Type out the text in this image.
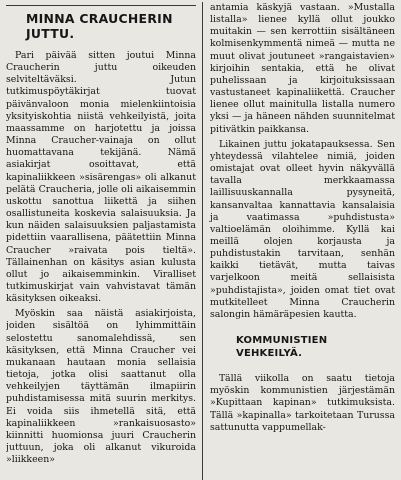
MINNA CRAUCHERIN JUTTU.

Pari päivää sitten joutui Minna Craucherin juttu oikeuden selviteltäväksi. Jutun tutkimuspöytäkirjat tuovat päivänvaloon monia mielenkiintoisia yksityiskohtia niistä vehkeilyistä, joita maassamme on harjotettu ja joissa Minna Craucher-vainaja on ollut huomattavana tekijänä. Nämä asiakirjat osoittavat, että kapinaliikkeen »sisärengas» oli alkanut pelätä Craucheria, jolle oli aikaisemmin uskottu sanottua liikettä ja siihen osallistuneita koskevia salaisuuksia. Ja kun näiden salaisuuksien paljastamista pidettiin vaarallisena, päätettiin Minna Craucher »raivata pois tieltä». Tällainenhan on käsitys asian kulusta ollut jo aikaisemminkin. Viralliset tutkimuskirjat vain vahvistavat tämän käsityksen oikeaksi.

Myöskin saa näistä asiakirjoista, joiden sisältöä on lyhimmittäin selostettu sanomalehdissä, sen käsityksen, että Minna Craucher vei mukanaan hautaan monia sellaisia tietoja, jotka olisi saattanut olla vehkeilyjen täyttämän ilmapiirin puhdistamisessa mitä suurin merkitys. Ei voida siis ihmetellä sitä, että kapinaliikkeen »rankaisuosasto» kiinnitti huomionsa juuri Craucherin juttuun, joka oli alkanut vikuroida »liikkeen»

antamia käskyjä vastaan. »Mustalla listalla» lienee kyllä ollut joukko muitakin — sen kerrottiin sisältäneen kolmisenkymmentä nimeä — mutta ne muut olivat joutuneet »rangaistavien» kirjoihin sentakia, että he olivat puhelissaan ja kirjoituksissaan vastustaneet kapinaliikettä. Craucher lienee ollut mainitulla listalla numero yksi — ja häneen nähden suunnitelmat pitivätkin paikkansa.

Likainen juttu jokatapauksessa. Sen yhteydessä vilahtelee nimiä, joiden omistajat ovat olleet hyvin näkyvällä tavalla merkkaamassa laillisuuskannalla pysyneitä, kansanvaltaa kannattavia kansalaisia ja vaatimassa »puhdistusta» valtioelämän oloihimme. Kyllä kai meillä olojen korjausta ja puhdistustakin tarvitaan, senhän kaikki tietävät, mutta taivas varjelkoon meitä sellaisista »puhdistajista», joiden omat tiet ovat mutkitelleet Minna Craucherin salongin hämäräpesien kautta.

KOMMUNISTIEN VEHKEILYÄ.

Tällä viikolla on saatu tietoja myöskin kommunistien järjestämän »Kupittaan kapinan» tutkimuksista. Tällä »kapinalla» tarkoitetaan Turussa sattunutta vappumellak-
